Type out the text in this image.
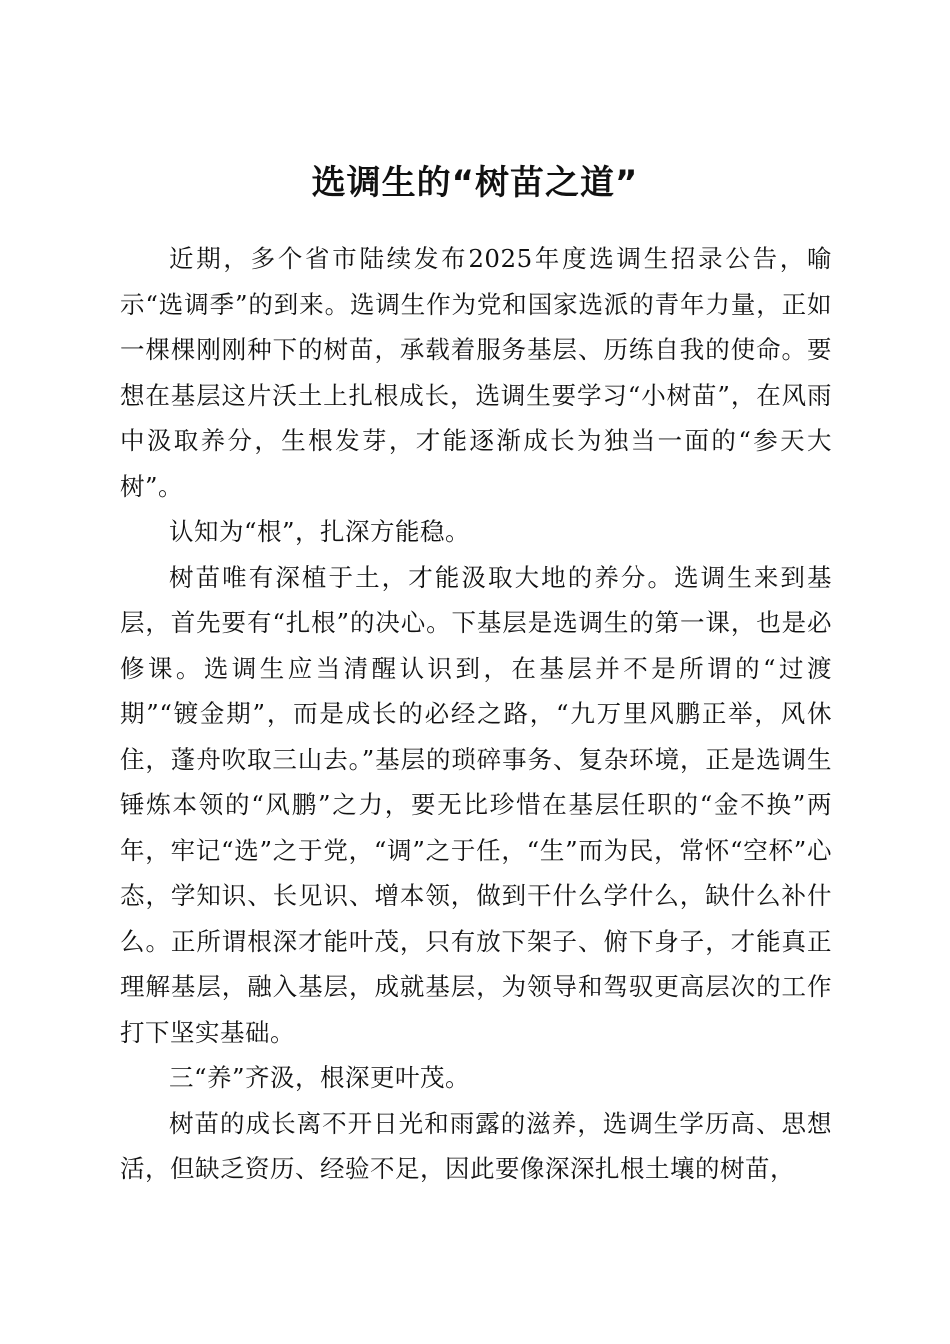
选调生的“树苗之道”

近期，多个省市陆续发布2025年度选调生招录公告，喻示“选调季”的到来。选调生作为党和国家选派的青年力量，正如一棵棵刚刚种下的树苗，承载着服务基层、历练自我的使命。要想在基层这片沃土上扎根成长，选调生要学习“小树苗”，在风雨中汲取养分，生根发芽，才能逐渐成长为独当一面的“参天大树”。

认知为“根”，扎深方能稳。

树苗唯有深植于土，才能汲取大地的养分。选调生来到基层，首先要有“扎根”的决心。下基层是选调生的第一课，也是必修课。选调生应当清醒认识到，在基层并不是所谓的“过渡期”“镀金期”，而是成长的必经之路，“九万里风鹏正举，风休住，蓬舟吹取三山去。”基层的琐碎事务、复杂环境，正是选调生锤炼本领的“风鹏”之力，要无比珍惜在基层任职的“金不换”两年，牢记“选”之于党，“调”之于任，“生”而为民，常怀“空杯”心态，学知识、长见识、增本领，做到干什么学什么，缺什么补什么。正所谓根深才能叶茂，只有放下架子、俯下身子，才能真正理解基层，融入基层，成就基层，为领导和驾驭更高层次的工作打下坚实基础。

三“养”齐汲，根深更叶茂。

树苗的成长离不开日光和雨露的滋养，选调生学历高、思想活，但缺乏资历、经验不足，因此要像深深扎根土壤的树苗，
